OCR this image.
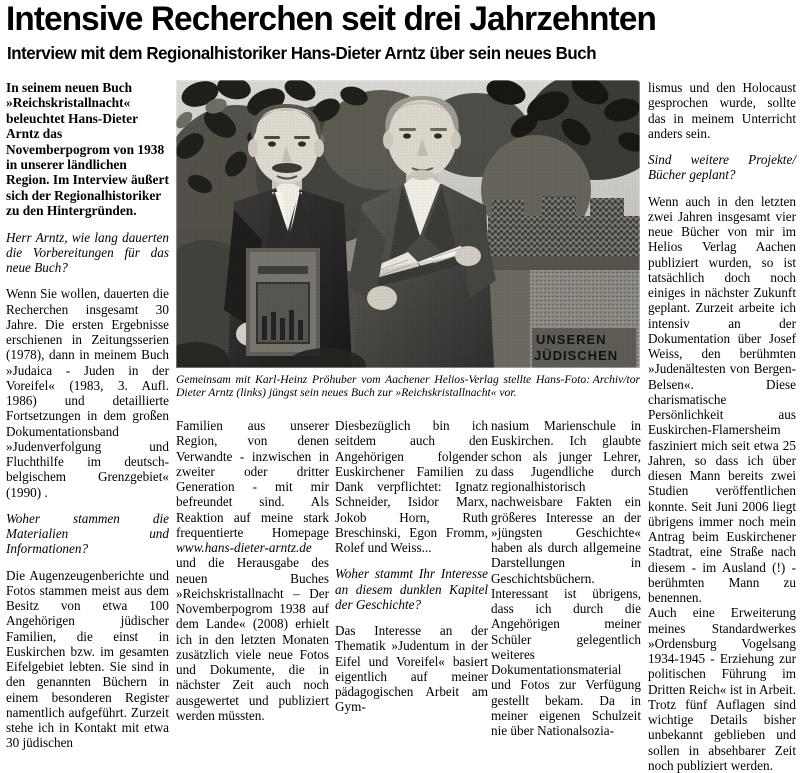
Intensive Recherchen seit drei Jahrzehnten
Interview mit dem Regionalhistoriker Hans-Dieter Arntz über sein neues Buch
Foto: Archiv/tor
Gemeinsam mit Karl-Heinz Pröhuber vom Aachener Helios-Verlag stellte Hans-Dieter Arntz (links) jüngst sein neues Buch zur »Reichskristallnacht« vor.

In seinem neuen Buch »Reichskristallnacht« beleuchtet Hans-Dieter Arntz das Novemberpogrom von 1938 in unserer ländlichen Region. Im Interview äußert sich der Regionalhistoriker zu den Hintergründen.

Herr Arntz, wie lang dauerten die Vorbereitungen für das neue Buch?

Wenn Sie wollen, dauerten die Recherchen insgesamt 30 Jahre. Die ersten Ergebnisse erschienen in Zeitungsserien (1978), dann in meinem Buch »Judaica - Juden in der Voreifel« (1983, 3. Aufl. 1986) und detaillierte Fortsetzungen in dem großen Dokumentationsband »Judenverfolgung und Fluchthilfe im deutsch-belgischem Grenzgebiet« (1990) .

Woher stammen die Materialien und Informationen?

Die Augenzeugenberichte und Fotos stammen meist aus dem Besitz von etwa 100 Angehörigen jüdischer Familien, die einst in Euskirchen bzw. im gesamten Eifelgebiet lebten. Sie sind in den genannten Büchern in einem besonderen Register namentlich aufgeführt. Zurzeit stehe ich in Kontakt mit etwa 30 jüdischen

Familien aus unserer Region, von denen Verwandte - inzwischen in zweiter oder dritter Generation - mit mir befreundet sind. Als Reaktion auf meine stark frequentierte Homepage www.hans-dieter-arntz.de und die Herausgabe des neuen Buches »Reichskristallnacht – Der Novemberpogrom 1938 auf dem Lande« (2008) erhielt ich in den letzten Monaten zusätzlich viele neue Fotos und Dokumente, die in nächster Zeit auch noch ausgewertet und publiziert werden müssten.

Diesbezüglich bin ich seitdem auch den Angehörigen folgender Euskirchener Familien zu Dank verpflichtet: Ignatz Schneider, Isidor Marx, Jokob Horn, Ruth Breschinski, Egon Fromm, Rolef und Weiss...

Woher stammt Ihr Interesse an diesem dunklen Kapitel der Geschichte?

Das Interesse an der Thematik »Judentum in der Eifel und Voreifel« basiert eigentlich auf meiner pädagogischen Arbeit am Gym-

nasium Marienschule in Euskirchen. Ich glaubte schon als junger Lehrer, dass Jugendliche durch regionalhistorisch nachweisbare Fakten ein größeres Interesse an der »jüngsten Geschichte« haben als durch allgemeine Darstellungen in Geschichtsbüchern. Interessant ist übrigens, dass ich durch die Angehörigen meiner Schüler gelegentlich weiteres Dokumentationsmaterial und Fotos zur Verfügung gestellt bekam. Da in meiner eigenen Schulzeit nie über Nationalsozia-

lismus und den Holocaust gesprochen wurde, sollte das in meinem Unterricht anders sein.

Sind weitere Projekte/ Bücher geplant?

Wenn auch in den letzten zwei Jahren insgesamt vier neue Bücher von mir im Helios Verlag Aachen publiziert wurden, so ist tatsächlich doch noch einiges in nächster Zukunft geplant. Zurzeit arbeite ich intensiv an der Dokumentation über Josef Weiss, den berühmten »Judenältesten von Bergen-Belsen«. Diese charismatische Persönlichkeit aus Euskirchen-Flamersheim fasziniert mich seit etwa 25 Jahren, so dass ich über diesen Mann bereits zwei Studien veröffentlichen konnte. Seit Juni 2006 liegt übrigens immer noch mein Antrag beim Euskirchener Stadtrat, eine Straße nach diesem - im Ausland (!) - berühmten Mann zu benennen.

Auch eine Erweiterung meines Standardwerkes »Ordensburg Vogelsang 1934-1945 - Erziehung zur politischen Führung im Dritten Reich« ist in Arbeit. Trotz fünf Auflagen sind wichtige Details bisher unbekannt geblieben und sollen in absehbarer Zeit noch publiziert werden.
